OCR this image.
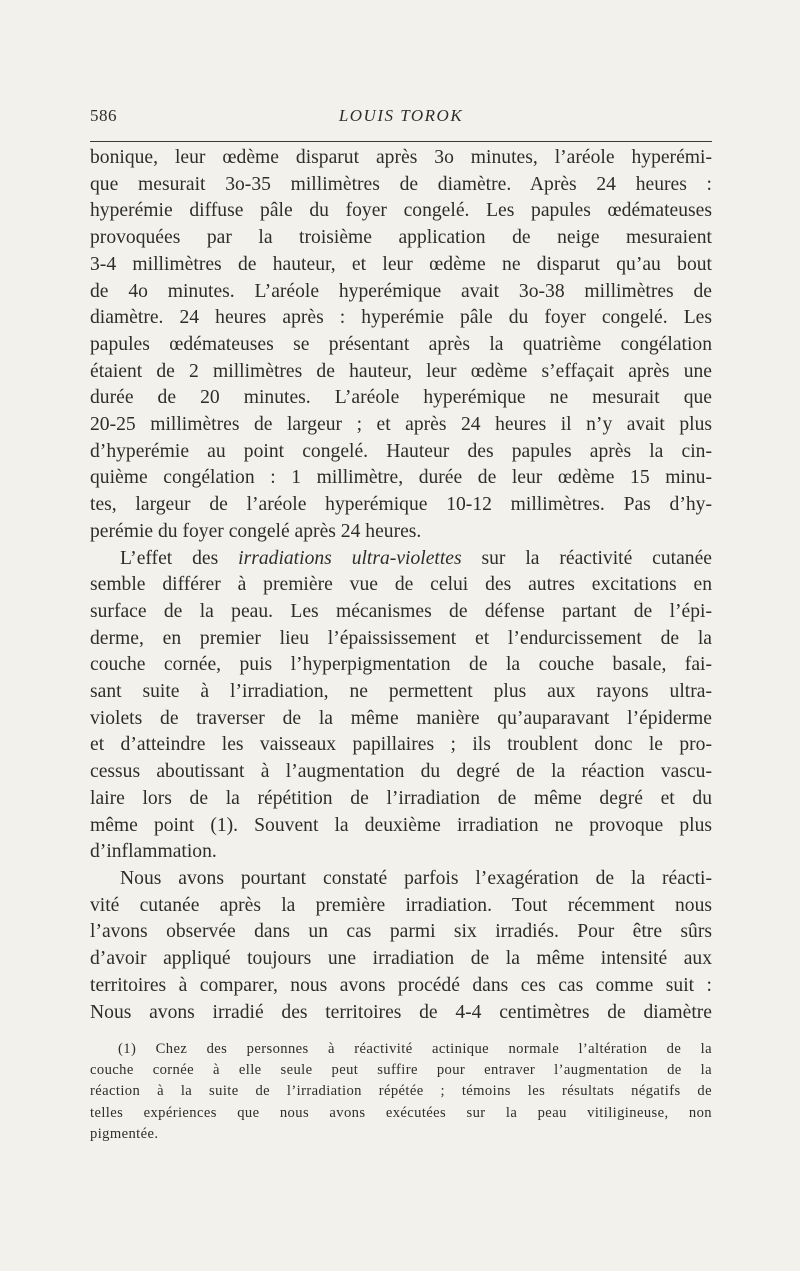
586	LOUIS TOROK
bonique, leur œdème disparut après 3o minutes, l’aréole hyperémi-
que mesurait 3o-35 millimètres de diamètre. Après 24 heures :
hyperémie diffuse pâle du foyer congelé. Les papules œdémateuses
provoquées par la troisième application de neige mesuraient
3-4 millimètres de hauteur, et leur œdème ne disparut qu’au bout
de 4o minutes. L’aréole hyperémique avait 3o-38 millimètres de
diamètre. 24 heures après : hyperémie pâle du foyer congelé. Les
papules œdémateuses se présentant après la quatrième congélation
étaient de 2 millimètres de hauteur, leur œdème s’effaçait après une
durée de 20 minutes. L’aréole hyperémique ne mesurait que
20-25 millimètres de largeur ; et après 24 heures il n’y avait plus
d’hyperémie au point congelé. Hauteur des papules après la cin-
quième congélation : 1 millimètre, durée de leur œdème 15 minu-
tes, largeur de l’aréole hyperémique 10-12 millimètres. Pas d’hy-
perémie du foyer congelé après 24 heures.
L’effet des irradiations ultra-violettes sur la réactivité cutanée
semble différer à première vue de celui des autres excitations en
surface de la peau. Les mécanismes de défense partant de l’épi-
derme, en premier lieu l’épaississement et l’endurcissement de la
couche cornée, puis l’hyperpigmentation de la couche basale, fai-
sant suite à l’irradiation, ne permettent plus aux rayons ultra-
violets de traverser de la même manière qu’auparavant l’épiderme
et d’atteindre les vaisseaux papillaires ; ils troublent donc le pro-
cessus aboutissant à l’augmentation du degré de la réaction vascu-
laire lors de la répétition de l’irradiation de même degré et du
même point (1). Souvent la deuxième irradiation ne provoque plus
d’inflammation.
Nous avons pourtant constaté parfois l’exagération de la réacti-
vité cutanée après la première irradiation. Tout récemment nous
l’avons observée dans un cas parmi six irradiés. Pour être sûrs
d’avoir appliqué toujours une irradiation de la même intensité aux
territoires à comparer, nous avons procédé dans ces cas comme suit :
Nous avons irradié des territoires de 4-4 centimètres de diamètre
(1) Chez des personnes à réactivité actinique normale l’altération de la
couche cornée à elle seule peut suffire pour entraver l’augmentation de la
réaction à la suite de l’irradiation répétée ; témoins les résultats négatifs de
telles expériences que nous avons exécutées sur la peau vitiligineuse, non
pigmentée.
